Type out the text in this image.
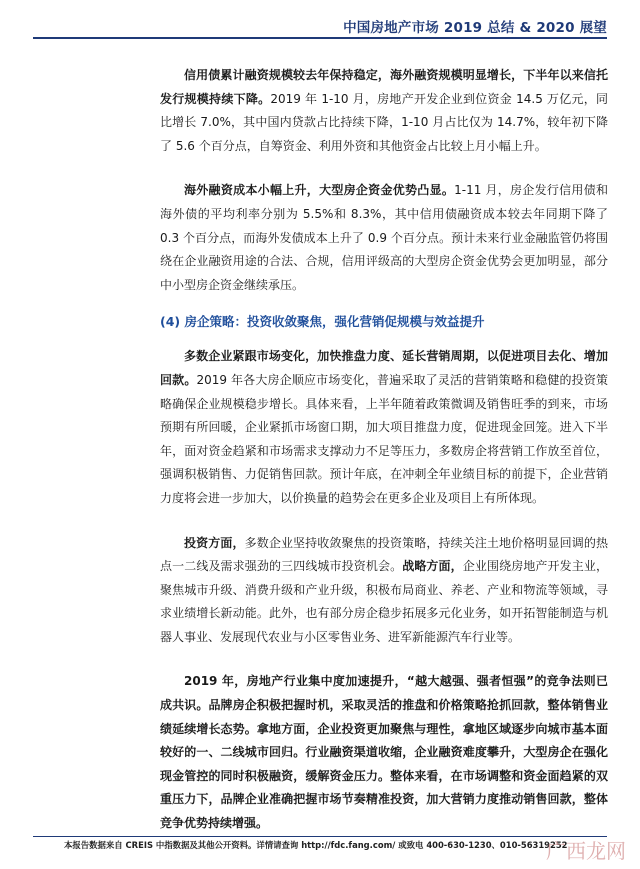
中国房地产市场 2019 总结 & 2020 展望

信用债累计融资规模较去年保持稳定，海外融资规模明显增长，下半年以来信托发行规模持续下降。2019 年 1-10 月，房地产开发企业到位资金 14.5 万亿元，同比增长 7.0%，其中国内贷款占比持续下降，1-10 月占比仅为 14.7%，较年初下降了 5.6 个百分点，自筹资金、利用外资和其他资金占比较上月小幅上升。

海外融资成本小幅上升，大型房企资金优势凸显。1-11 月，房企发行信用债和海外债的平均利率分别为 5.5%和 8.3%，其中信用债融资成本较去年同期下降了 0.3 个百分点，而海外发债成本上升了 0.9 个百分点。预计未来行业金融监管仍将围绕在企业融资用途的合法、合规，信用评级高的大型房企资金优势会更加明显，部分中小型房企资金继续承压。

(4) 房企策略：投资收敛聚焦，强化营销促规模与效益提升

多数企业紧跟市场变化，加快推盘力度、延长营销周期，以促进项目去化、增加回款。2019 年各大房企顺应市场变化，普遍采取了灵活的营销策略和稳健的投资策略确保企业规模稳步增长。具体来看，上半年随着政策微调及销售旺季的到来，市场预期有所回暖，企业紧抓市场窗口期，加大项目推盘力度，促进现金回笼。进入下半年，面对资金趋紧和市场需求支撑动力不足等压力，多数房企将营销工作放至首位，强调积极销售、力促销售回款。预计年底，在冲刺全年业绩目标的前提下，企业营销力度将会进一步加大，以价换量的趋势会在更多企业及项目上有所体现。

投资方面，多数企业坚持收敛聚焦的投资策略，持续关注土地价格明显回调的热点一二线及需求强劲的三四线城市投资机会。战略方面，企业围绕房地产开发主业，聚焦城市升级、消费升级和产业升级，积极布局商业、养老、产业和物流等领域，寻求业绩增长新动能。此外，也有部分房企稳步拓展多元化业务，如开拓智能制造与机器人事业、发展现代农业与小区零售业务、进军新能源汽车行业等。

2019 年，房地产行业集中度加速提升，“越大越强、强者恒强”的竞争法则已成共识。品牌房企积极把握时机，采取灵活的推盘和价格策略抢抓回款，整体销售业绩延续增长态势。拿地方面，企业投资更加聚焦与理性，拿地区域逐步向城市基本面较好的一、二线城市回归。行业融资渠道收缩，企业融资难度攀升，大型房企在强化现金管控的同时积极融资，缓解资金压力。整体来看，在市场调整和资金面趋紧的双重压力下，品牌企业准确把握市场节奏精准投资，加大营销力度推动销售回款，整体竞争优势持续增强。

本报告数据来自 CREIS 中指数据及其他公开资料。详情请查询 http://fdc.fang.com/ 或致电 400-630-1230、010-56319252
广西龙网
